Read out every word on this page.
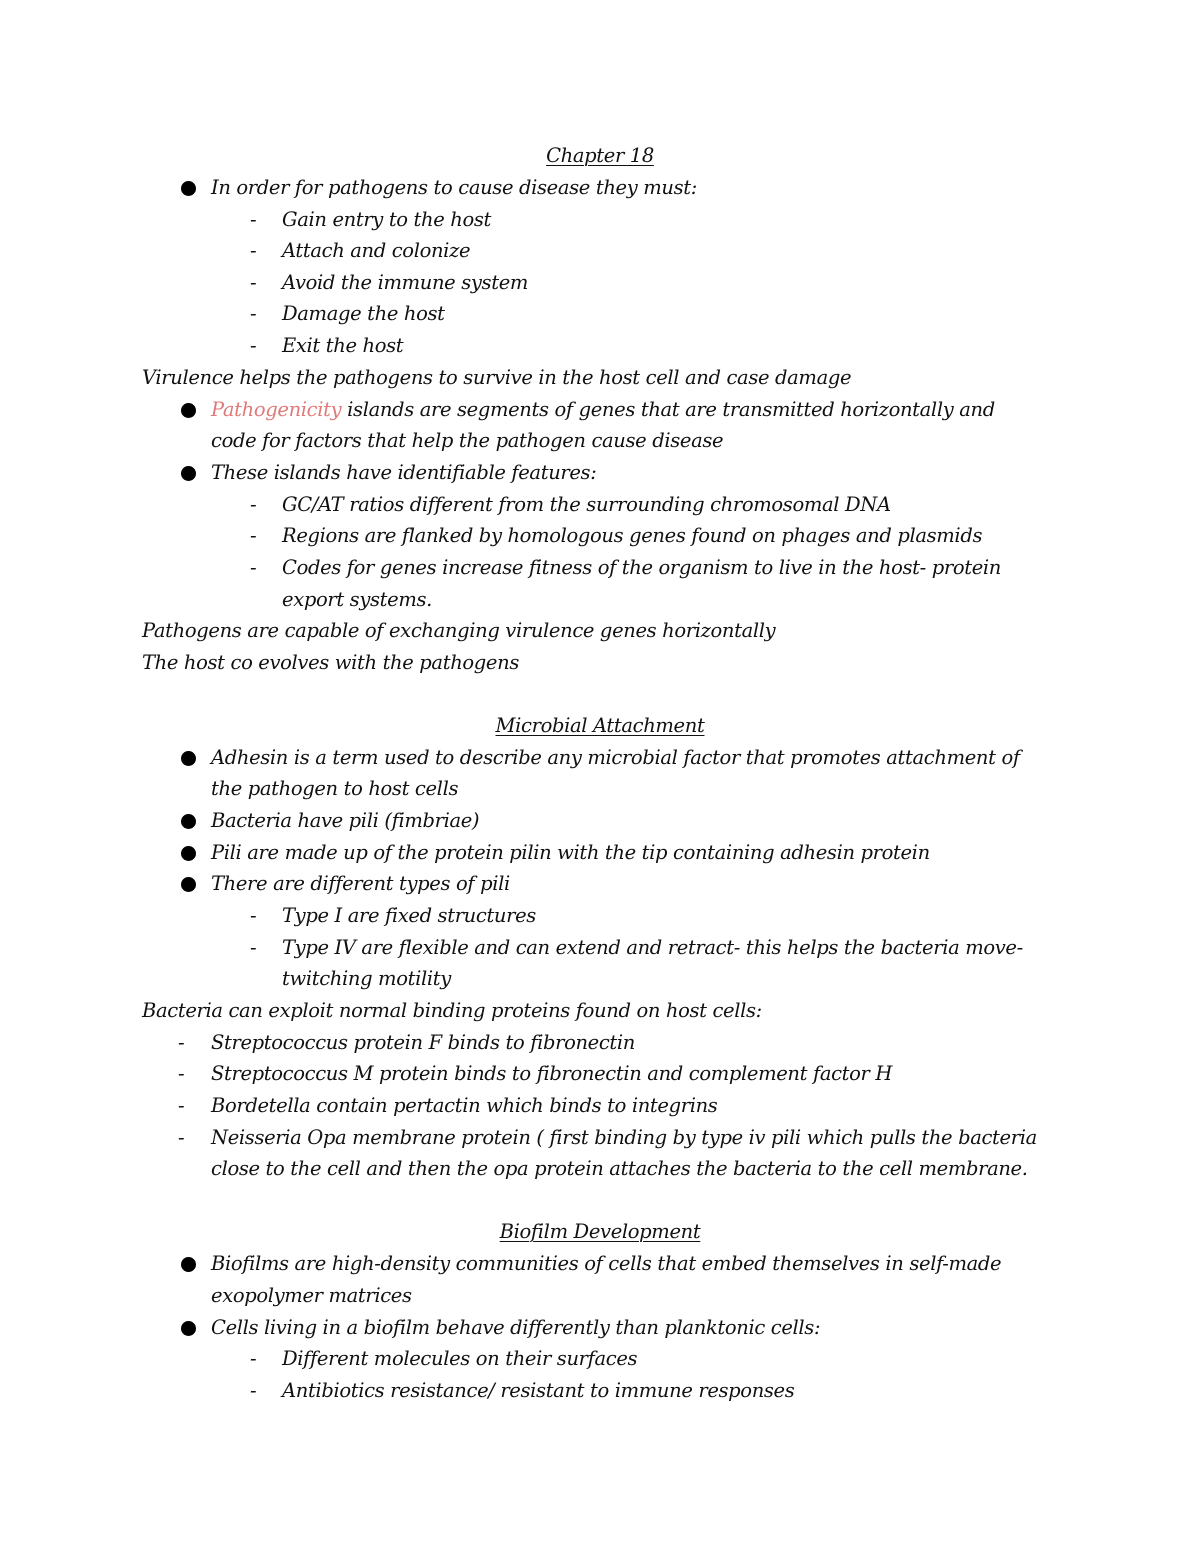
Chapter 18
In order for pathogens to cause disease they must:
- Gain entry to the host
- Attach and colonize
- Avoid the immune system
- Damage the host
- Exit the host
Virulence helps the pathogens to survive in the host cell and case damage
Pathogenicity islands are segments of genes that are transmitted horizontally and
code for factors that help the pathogen cause disease
These islands have identifiable features:
- GC/AT ratios different from the surrounding chromosomal DNA
- Regions are flanked by homologous genes found on phages and plasmids
- Codes for genes increase fitness of the organism to live in the host- protein
export systems.
Pathogens are capable of exchanging virulence genes horizontally
The host co evolves with the pathogens
Microbial Attachment
Adhesin is a term used to describe any microbial factor that promotes attachment of
the pathogen to host cells
Bacteria have pili (fimbriae)
Pili are made up of the protein pilin with the tip containing adhesin protein
There are different types of pili
- Type I are fixed structures
- Type IV are flexible and can extend and retract- this helps the bacteria move-
twitching motility
Bacteria can exploit normal binding proteins found on host cells:
- Streptococcus protein F binds to fibronectin
- Streptococcus M protein binds to fibronectin and complement factor H
- Bordetella contain pertactin which binds to integrins
- Neisseria Opa membrane protein ( first binding by type iv pili which pulls the bacteria
close to the cell and then the opa protein attaches the bacteria to the cell membrane.
Biofilm Development
Biofilms are high-density communities of cells that embed themselves in self-made
exopolymer matrices
Cells living in a biofilm behave differently than planktonic cells:
- Different molecules on their surfaces
- Antibiotics resistance/ resistant to immune responses
